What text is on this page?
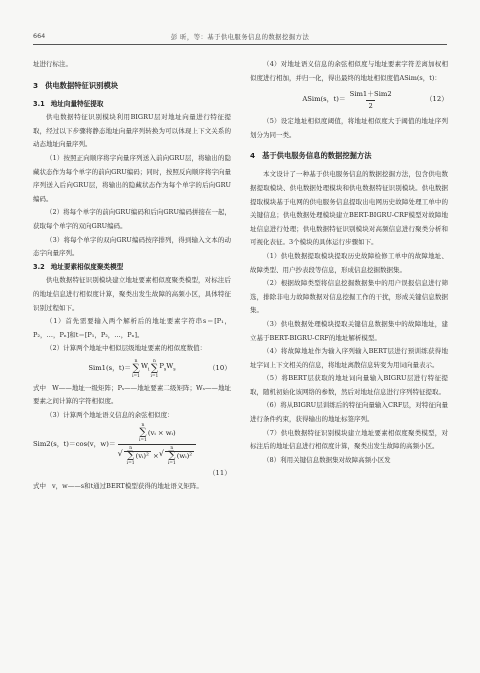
664	彭 昕，等：基于供电服务信息的数据挖掘方法

址进行标注。

3 供电数据特征识别模块
3.1 地址向量特征提取

供电数据特征识别模块利用BIGRU层对地址向量进行特征提取，经过以下步骤将静态地址向量序列转换为可以体现上下文关系的动态地址向量序列。

（1）按照正向顺序将字向量序列送入前向GRU层，将输出的隐藏状态作为每个单字的前向GRU编码；同时，按照反向顺序将字向量序列送入后向GRU层，将输出的隐藏状态作为每个单字的后向GRU编码。

（2）将每个单字的前向GRU编码和后向GRU编码拼接在一起，获取每个单字的双向GRU编码。

（3）将每个单字的双向GRU编码按序排列，得到输入文本的动态字向量序列。

3.2 地址要素相似度聚类模型

供电数据特征识别模块建立地址要素相似度聚类模型，对标注后的地址信息进行相似度计算，聚类出发生故障的高频小区，具体特征识别过程如下。

（1）首先需要输入两个解析后的地址要素字符串s＝[P₁，P₂，…，Pₙ]和t＝[P₁，P₂，…，Pₙ]。

（2）计算两个地址中相似层级地址要素的相似度数值：

Sim1(s，t)＝
n
∑
i=1
$W_i$
n
∑
i=1
$P_s$ $W_s$	（10）

式中 W——地址一级矩阵；Pₛ——地址要素二级矩阵；Wₛ——地址要素之间计算的字符相似度。

（3）计算两个地址语义信息的余弦相似度：

Sim2(s，t)＝cos(v，w)＝ n
∑
i=1
(vᵢ × wᵢ)
√ n
∑
i=1
(vᵢ)² ×
√ n
∑
i=1
(wᵢ)²
（11）

式中 v，w——s和t通过BERT模型获得的地址语义矩阵。

（4）对地址语义信息的余弦相似度与地址要素字符差离加权相似度进行相加，并归一化，得出最终的地址相似度值ASim(s，t)：

ASim(s，$t)= \frac{\text{Sim1＋Sim2}}{2}$	（12）

（5）设定地址相似度阈值，将地址相似度大于阈值的地址序列划分为同一类。

4 基于供电服务信息的数据挖掘方法

本文设计了一种基于供电服务信息的数据挖掘方法，包含供电数据提取模块、供电数据处理模块和供电数据特征识别模块。供电数据提取模块基于电网的供电服务信息提取出电网历史故障处理工单中的关键信息；供电数据处理模块建立BERT-BIGRU-CRF模型对故障地址信息进行处理；供电数据特征识别模块对高频信息进行聚类分析和可视化表征。3个模块的具体运行步骤如下。

（1）供电数据提取模块提取历史故障检修工单中的故障地址、故障类型、用户抄表段等信息，形成信息挖掘数据集。

（2）根据故障类型将信息挖掘数据集中的用户误报信息进行筛选，排除非电力故障数据对信息挖掘工作的干扰，形成关键信息数据集。

（3）供电数据处理模块提取关键信息数据集中的故障地址，建立基于BERT-BIGRU-CRF的地址解析模型。

（4）将故障地址作为输入序列输入BERT层进行预训练获得地址字词上下文相关的信息，将地址离散信息转变为用词向量表示。

（5）将BERT层获取的地址词向量输入BIGRU层进行特征提取，随机初始化该网络的参数，然后对地址信息进行序列特征提取。

（6）将从BIGRU层训练后的特征向量输入CRF层，对特征向量进行条件约束，获得输出的地址标签序列。

（7）供电数据特征识别模块建立地址要素相似度聚类模型，对标注后的地址信息进行相似度计算，聚类出发生故障的高频小区。

（8）利用关键信息数据集对故障高频小区发
